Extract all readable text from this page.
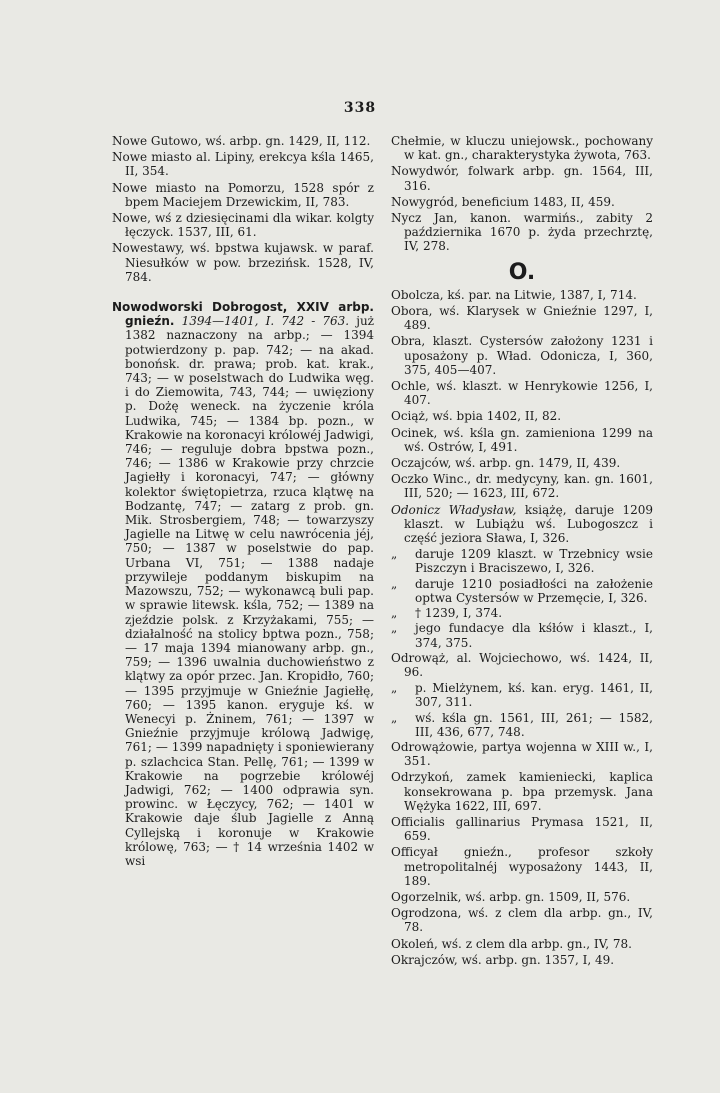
338

Nowe Gutowo, wś. arbp. gn. 1429, II, 112.

Nowe miasto al. Lipiny, erekcya kśla 1465, II, 354.

Nowe miasto na Pomorzu, 1528 spór z bpem Maciejem Drzewickim, II, 783.

Nowe, wś z dziesięcinami dla wikar. kolgty łęczyck. 1537, III, 61.

Nowestawy, wś. bpstwa kujawsk. w paraf. Niesułków w pow. brzezińsk. 1528, IV, 784.

Nowodworski Dobrogost, XXIV arbp. gnieźn. 1394—1401, I. 742 - 763. już 1382 naznaczony na arbp.; — 1394 potwierdzony p. pap. 742; — na akad. bonońsk. dr. prawa; prob. kat. krak., 743; — w poselstwach do Ludwika węg. i do Ziemowita, 743, 744; — uwięziony p. Dożę weneck. na życzenie króla Ludwika, 745; — 1384 bp. pozn., w Krakowie na koronacyi królowéj Jadwigi, 746; — reguluje dobra bpstwa pozn., 746; — 1386 w Krakowie przy chrzcie Jagiełły i koronacyi, 747; — główny kolektor świętopietrza, rzuca klątwę na Bodzantę, 747; — zatarg z prob. gn. Mik. Strosbergiem, 748; — towarzyszy Jagielle na Litwę w celu nawrócenia jéj, 750; — 1387 w poselstwie do pap. Urbana VI, 751; — 1388 nadaje przywileje poddanym biskupim na Mazowszu, 752; — wykonawcą buli pap. w sprawie litewsk. kśla, 752; — 1389 na zjeździe polsk. z Krzyżakami, 755; — działalność na stolicy bptwa pozn., 758; — 17 maja 1394 mianowany arbp. gn., 759; — 1396 uwalnia duchowieństwo z klątwy za opór przec. Jan. Kropidło, 760; — 1395 przyjmuje w Gnieźnie Jagiełłę, 760; — 1395 kanon. eryguje kś. w Wenecyi p. Żninem, 761; — 1397 w Gnieźnie przyjmuje królową Jadwigę, 761; — 1399 napadnięty i sponiewierany p. szlachcica Stan. Pellę, 761; — 1399 w Krakowie na pogrzebie królowéj Jadwigi, 762; — 1400 odprawia syn. prowinc. w Łęczycy, 762; — 1401 w Krakowie daje ślub Jagielle z Anną Cyllejską i koronuje w Krakowie królowę, 763; — † 14 września 1402 w wsi

Chełmie, w kluczu uniejowsk., pochowany w kat. gn., charakterystyka żywota, 763.

Nowydwór, folwark arbp. gn. 1564, III, 316.

Nowygród, beneficium 1483, II, 459.

Nycz Jan, kanon. warmińs., zabity 2 października 1670 p. żyda przechrztę, IV, 278.

O.

Obolcza, kś. par. na Litwie, 1387, I, 714.

Obora, wś. Klarysek w Gnieźnie 1297, I, 489.

Obra, klaszt. Cystersów założony 1231 i uposażony p. Wład. Odonicza, I, 360, 375, 405—407.

Ochle, wś. klaszt. w Henrykowie 1256, I, 407.

Ociąż, wś. bpia 1402, II, 82.

Ocinek, wś. kśla gn. zamieniona 1299 na wś. Ostrów, I, 491.

Oczajców, wś. arbp. gn. 1479, II, 439.

Oczko Winc., dr. medycyny, kan. gn. 1601, III, 520; — 1623, III, 672.

Odonicz Władysław, książę, daruje 1209 klaszt. w Lubiążu wś. Lubogoszcz i część jeziora Sława, I, 326.

„ daruje 1209 klaszt. w Trzebnicy wsie Piszczyn i Braciszewo, I, 326.

„ daruje 1210 posiadłości na założenie optwa Cystersów w Przemęcie, I, 326.

„ † 1239, I, 374.

„ jego fundacye dla kśłów i klaszt., I, 374, 375.

Odrowąż, al. Wojciechowo, wś. 1424, II, 96.

„ p. Mielżynem, kś. kan. eryg. 1461, II, 307, 311.

„ wś. kśla gn. 1561, III, 261; — 1582, III, 436, 677, 748.

Odrowążowie, partya wojenna w XIII w., I, 351.

Odrzykoń, zamek kamieniecki, kaplica konsekrowana p. bpa przemysk. Jana Wężyka 1622, III, 697.

Officialis gallinarius Prymasa 1521, II, 659.

Officyał gnieźn., profesor szkoły metropolitalnéj wyposażony 1443, II, 189.

Ogorzelnik, wś. arbp. gn. 1509, II, 576.

Ogrodzona, wś. z clem dla arbp. gn., IV, 78.

Okoleń, wś. z clem dla arbp. gn., IV, 78.

Okrajczów, wś. arbp. gn. 1357, I, 49.
